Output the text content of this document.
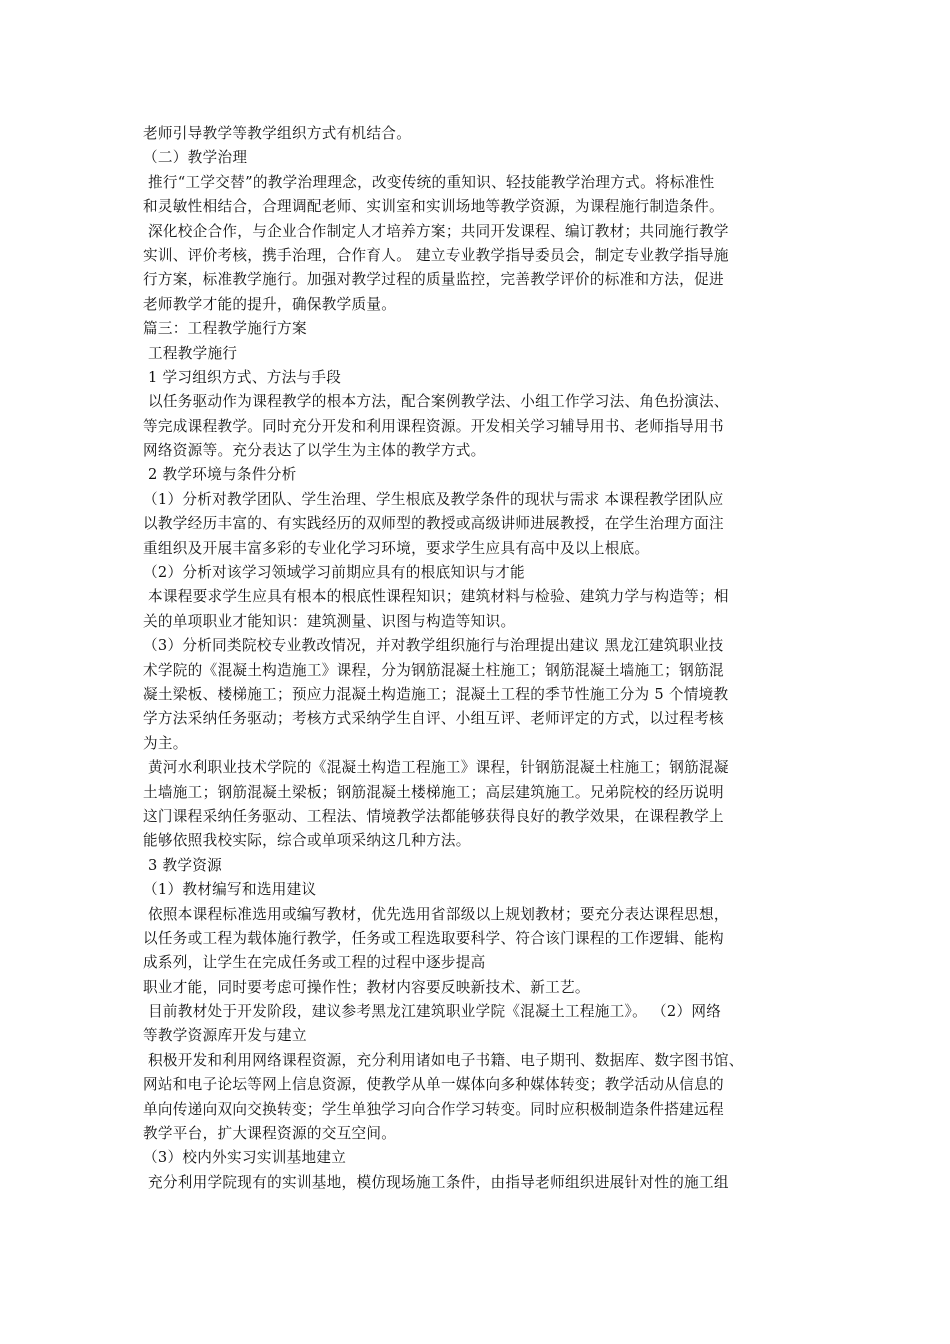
老师引导教学等教学组织方式有机结合。
（二）教学治理
推行“工学交替”的教学治理理念，改变传统的重知识、轻技能教学治理方式。将标准性
和灵敏性相结合，合理调配老师、实训室和实训场地等教学资源，为课程施行制造条件。
深化校企合作，与企业合作制定人才培养方案；共同开发课程、编订教材；共同施行教学
实训、评价考核，携手治理，合作育人。 建立专业教学指导委员会，制定专业教学指导施
行方案，标准教学施行。加强对教学过程的质量监控，完善教学评价的标准和方法，促进
老师教学才能的提升，确保教学质量。
篇三：工程教学施行方案
工程教学施行
1 学习组织方式、方法与手段
以任务驱动作为课程教学的根本方法，配合案例教学法、小组工作学习法、角色扮演法、
等完成课程教学。同时充分开发和利用课程资源。开发相关学习辅导用书、老师指导用书
网络资源等。充分表达了以学生为主体的教学方式。
2 教学环境与条件分析
（1）分析对教学团队、学生治理、学生根底及教学条件的现状与需求 本课程教学团队应
以教学经历丰富的、有实践经历的双师型的教授或高级讲师进展教授，在学生治理方面注
重组织及开展丰富多彩的专业化学习环境，要求学生应具有高中及以上根底。
（2）分析对该学习领域学习前期应具有的根底知识与才能
本课程要求学生应具有根本的根底性课程知识；建筑材料与检验、建筑力学与构造等；相
关的单项职业才能知识：建筑测量、识图与构造等知识。
（3）分析同类院校专业教改情况，并对教学组织施行与治理提出建议 黑龙江建筑职业技
术学院的《混凝土构造施工》课程，分为钢筋混凝土柱施工；钢筋混凝土墙施工；钢筋混
凝土梁板、楼梯施工；预应力混凝土构造施工；混凝土工程的季节性施工分为 5 个情境教
学方法采纳任务驱动；考核方式采纳学生自评、小组互评、老师评定的方式，以过程考核
为主。
黄河水利职业技术学院的《混凝土构造工程施工》课程，针钢筋混凝土柱施工；钢筋混凝
土墙施工；钢筋混凝土梁板；钢筋混凝土楼梯施工；高层建筑施工。兄弟院校的经历说明
这门课程采纳任务驱动、工程法、情境教学法都能够获得良好的教学效果，在课程教学上
能够依照我校实际，综合或单项采纳这几种方法。
3 教学资源
（1）教材编写和选用建议
依照本课程标准选用或编写教材，优先选用省部级以上规划教材；要充分表达课程思想，
以任务或工程为载体施行教学，任务或工程选取要科学、符合该门课程的工作逻辑、能构
成系列，让学生在完成任务或工程的过程中逐步提高
职业才能，同时要考虑可操作性；教材内容要反映新技术、新工艺。
目前教材处于开发阶段，建议参考黑龙江建筑职业学院《混凝土工程施工》。 （2）网络
等教学资源库开发与建立
积极开发和利用网络课程资源，充分利用诸如电子书籍、电子期刊、数据库、数字图书馆、
网站和电子论坛等网上信息资源，使教学从单一媒体向多种媒体转变；教学活动从信息的
单向传递向双向交换转变；学生单独学习向合作学习转变。同时应积极制造条件搭建远程
教学平台，扩大课程资源的交互空间。
（3）校内外实习实训基地建立
充分利用学院现有的实训基地，模仿现场施工条件，由指导老师组织进展针对性的施工组
